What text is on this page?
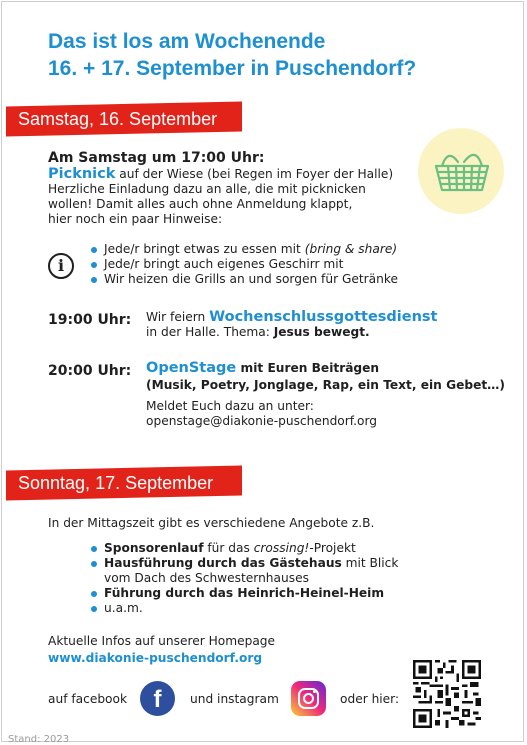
Das ist los am Wochenende
16. + 17. September in Puschendorf?
Samstag, 16. September
Am Samstag um 17:00 Uhr:
Picknick auf der Wiese (bei Regen im Foyer der Halle)
Herzliche Einladung dazu an alle, die mit picknicken
wollen! Damit alles auch ohne Anmeldung klappt,
hier noch ein paar Hinweise:
i
Jede/r bringt etwas zu essen mit (bring & share)
Jede/r bringt auch eigenes Geschirr mit
Wir heizen die Grills an und sorgen für Getränke
19:00 Uhr: Wir feiern Wochenschlussgottesdienst
in der Halle. Thema: Jesus bewegt.
20:00 Uhr: OpenStage mit Euren Beiträgen
(Musik, Poetry, Jonglage, Rap, ein Text, ein Gebet…)
Meldet Euch dazu an unter:
openstage@diakonie-puschendorf.org
Sonntag, 17. September
In der Mittagszeit gibt es verschiedene Angebote z.B.
Sponsorenlauf für das crossing!-Projekt
Hausführung durch das Gästehaus mit Blick
vom Dach des Schwesternhauses
Führung durch das Heinrich-Heinel-Heim
u.a.m.
Aktuelle Infos auf unserer Homepage
www.diakonie-puschendorf.org
auf facebook	f	und instagram	oder hier:
Stand: 2023
